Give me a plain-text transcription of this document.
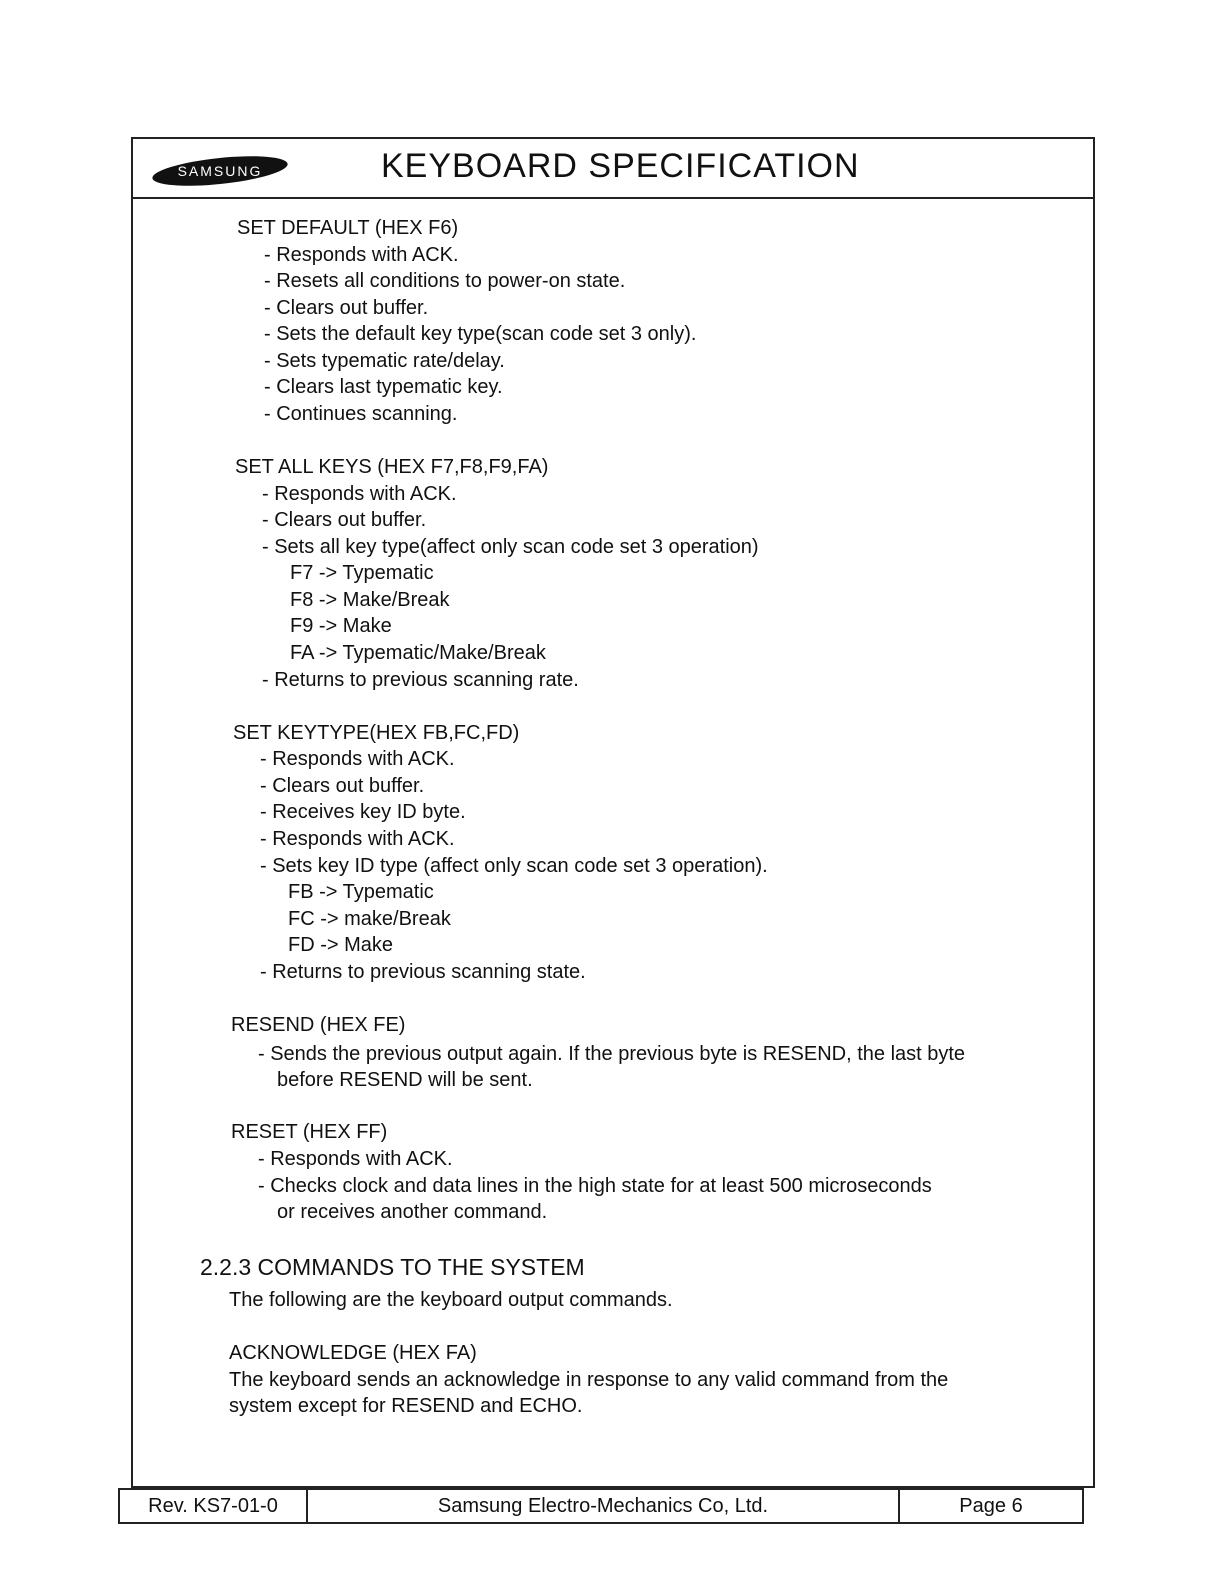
SAMSUNG	KEYBOARD SPECIFICATION
SET DEFAULT (HEX F6)
- Responds with ACK.
- Resets all conditions to power-on state.
- Clears out buffer.
- Sets the default key type(scan code set 3 only).
- Sets typematic rate/delay.
- Clears last typematic key.
- Continues scanning.
SET ALL KEYS (HEX F7,F8,F9,FA)
- Responds with ACK.
- Clears out buffer.
- Sets all key type(affect only scan code set 3 operation)
F7 -> Typematic
F8 -> Make/Break
F9 -> Make
FA -> Typematic/Make/Break
- Returns to previous scanning rate.
SET KEYTYPE(HEX FB,FC,FD)
- Responds with ACK.
- Clears out buffer.
- Receives key ID byte.
- Responds with ACK.
- Sets key ID type (affect only scan code set 3 operation).
FB -> Typematic
FC -> make/Break
FD -> Make
- Returns to previous scanning state.
RESEND (HEX FE)
- Sends the previous output again. If the previous byte is RESEND, the last byte
before RESEND will be sent.
RESET (HEX FF)
- Responds with ACK.
- Checks clock and data lines in the high state for at least 500 microseconds
or receives another command.
2.2.3 COMMANDS TO THE SYSTEM
The following are the keyboard output commands.
ACKNOWLEDGE (HEX FA)
The keyboard sends an acknowledge in response to any valid command from the
system except for RESEND and ECHO.
Rev. KS7-01-0	Samsung Electro-Mechanics Co, Ltd.	Page 6
